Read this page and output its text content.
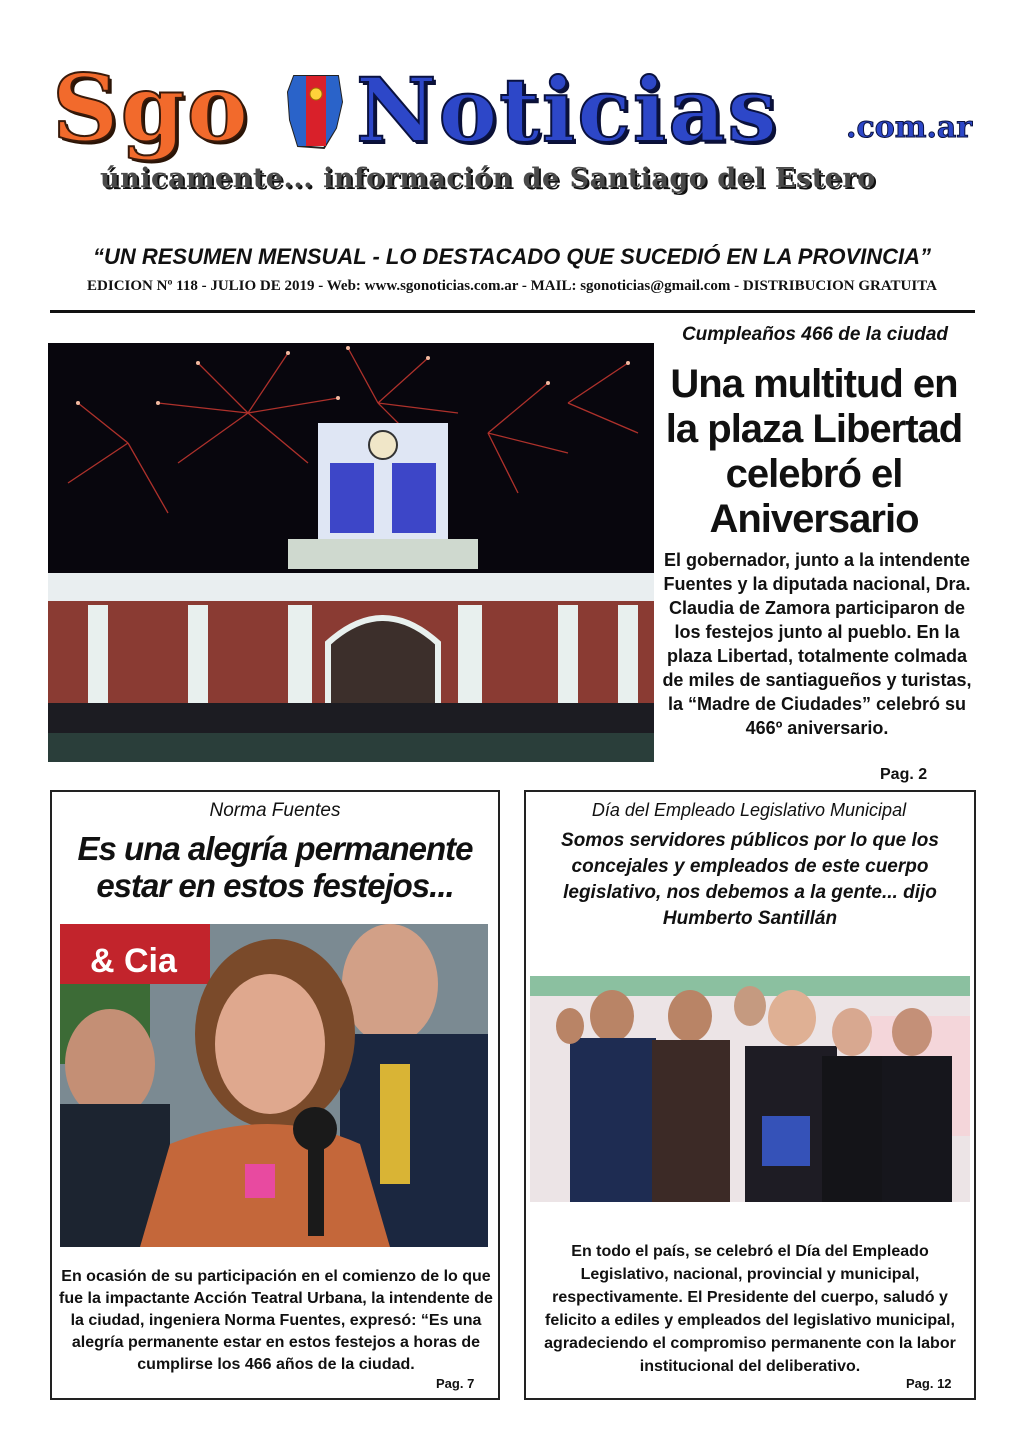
Sgo Noticias .com.ar
únicamente... información de Santiago del Estero
“UN RESUMEN MENSUAL - LO DESTACADO QUE SUCEDIÓ EN LA PROVINCIA”
EDICION Nº 118 - JULIO DE 2019 - Web: www.sgonoticias.com.ar - MAIL: sgonoticias@gmail.com - DISTRIBUCION GRATUITA
Cumpleaños 466 de la ciudad
Una multitud en la plaza Libertad celebró el Aniversario
El gobernador, junto a la intendente Fuentes y la diputada nacional, Dra. Claudia de Zamora participaron de los festejos junto al pueblo. En la plaza Libertad, totalmente colmada de miles de santiagueños y turistas, la “Madre de Ciudades” celebró su 466º aniversario.
Pag. 2
Norma Fuentes
Es una alegría permanente estar en estos festejos...
& Cia
En ocasión de su participación en el comienzo de lo que fue la impactante Acción Teatral Urbana, la intendente de la ciudad, ingeniera Norma Fuentes, expresó: “Es una alegría permanente estar en estos festejos a horas de cumplirse los 466 años de la ciudad.
Pag. 7
Día del Empleado Legislativo Municipal
Somos servidores públicos por lo que los concejales y empleados de este cuerpo legislativo, nos debemos a la gente... dijo Humberto Santillán
En todo el país, se celebró el Día del Empleado Legislativo, nacional, provincial y municipal, respectivamente. El Presidente del cuerpo, saludó y felicito a ediles y empleados del legislativo municipal, agradeciendo el compromiso permanente con la labor institucional del deliberativo.
Pag. 12
